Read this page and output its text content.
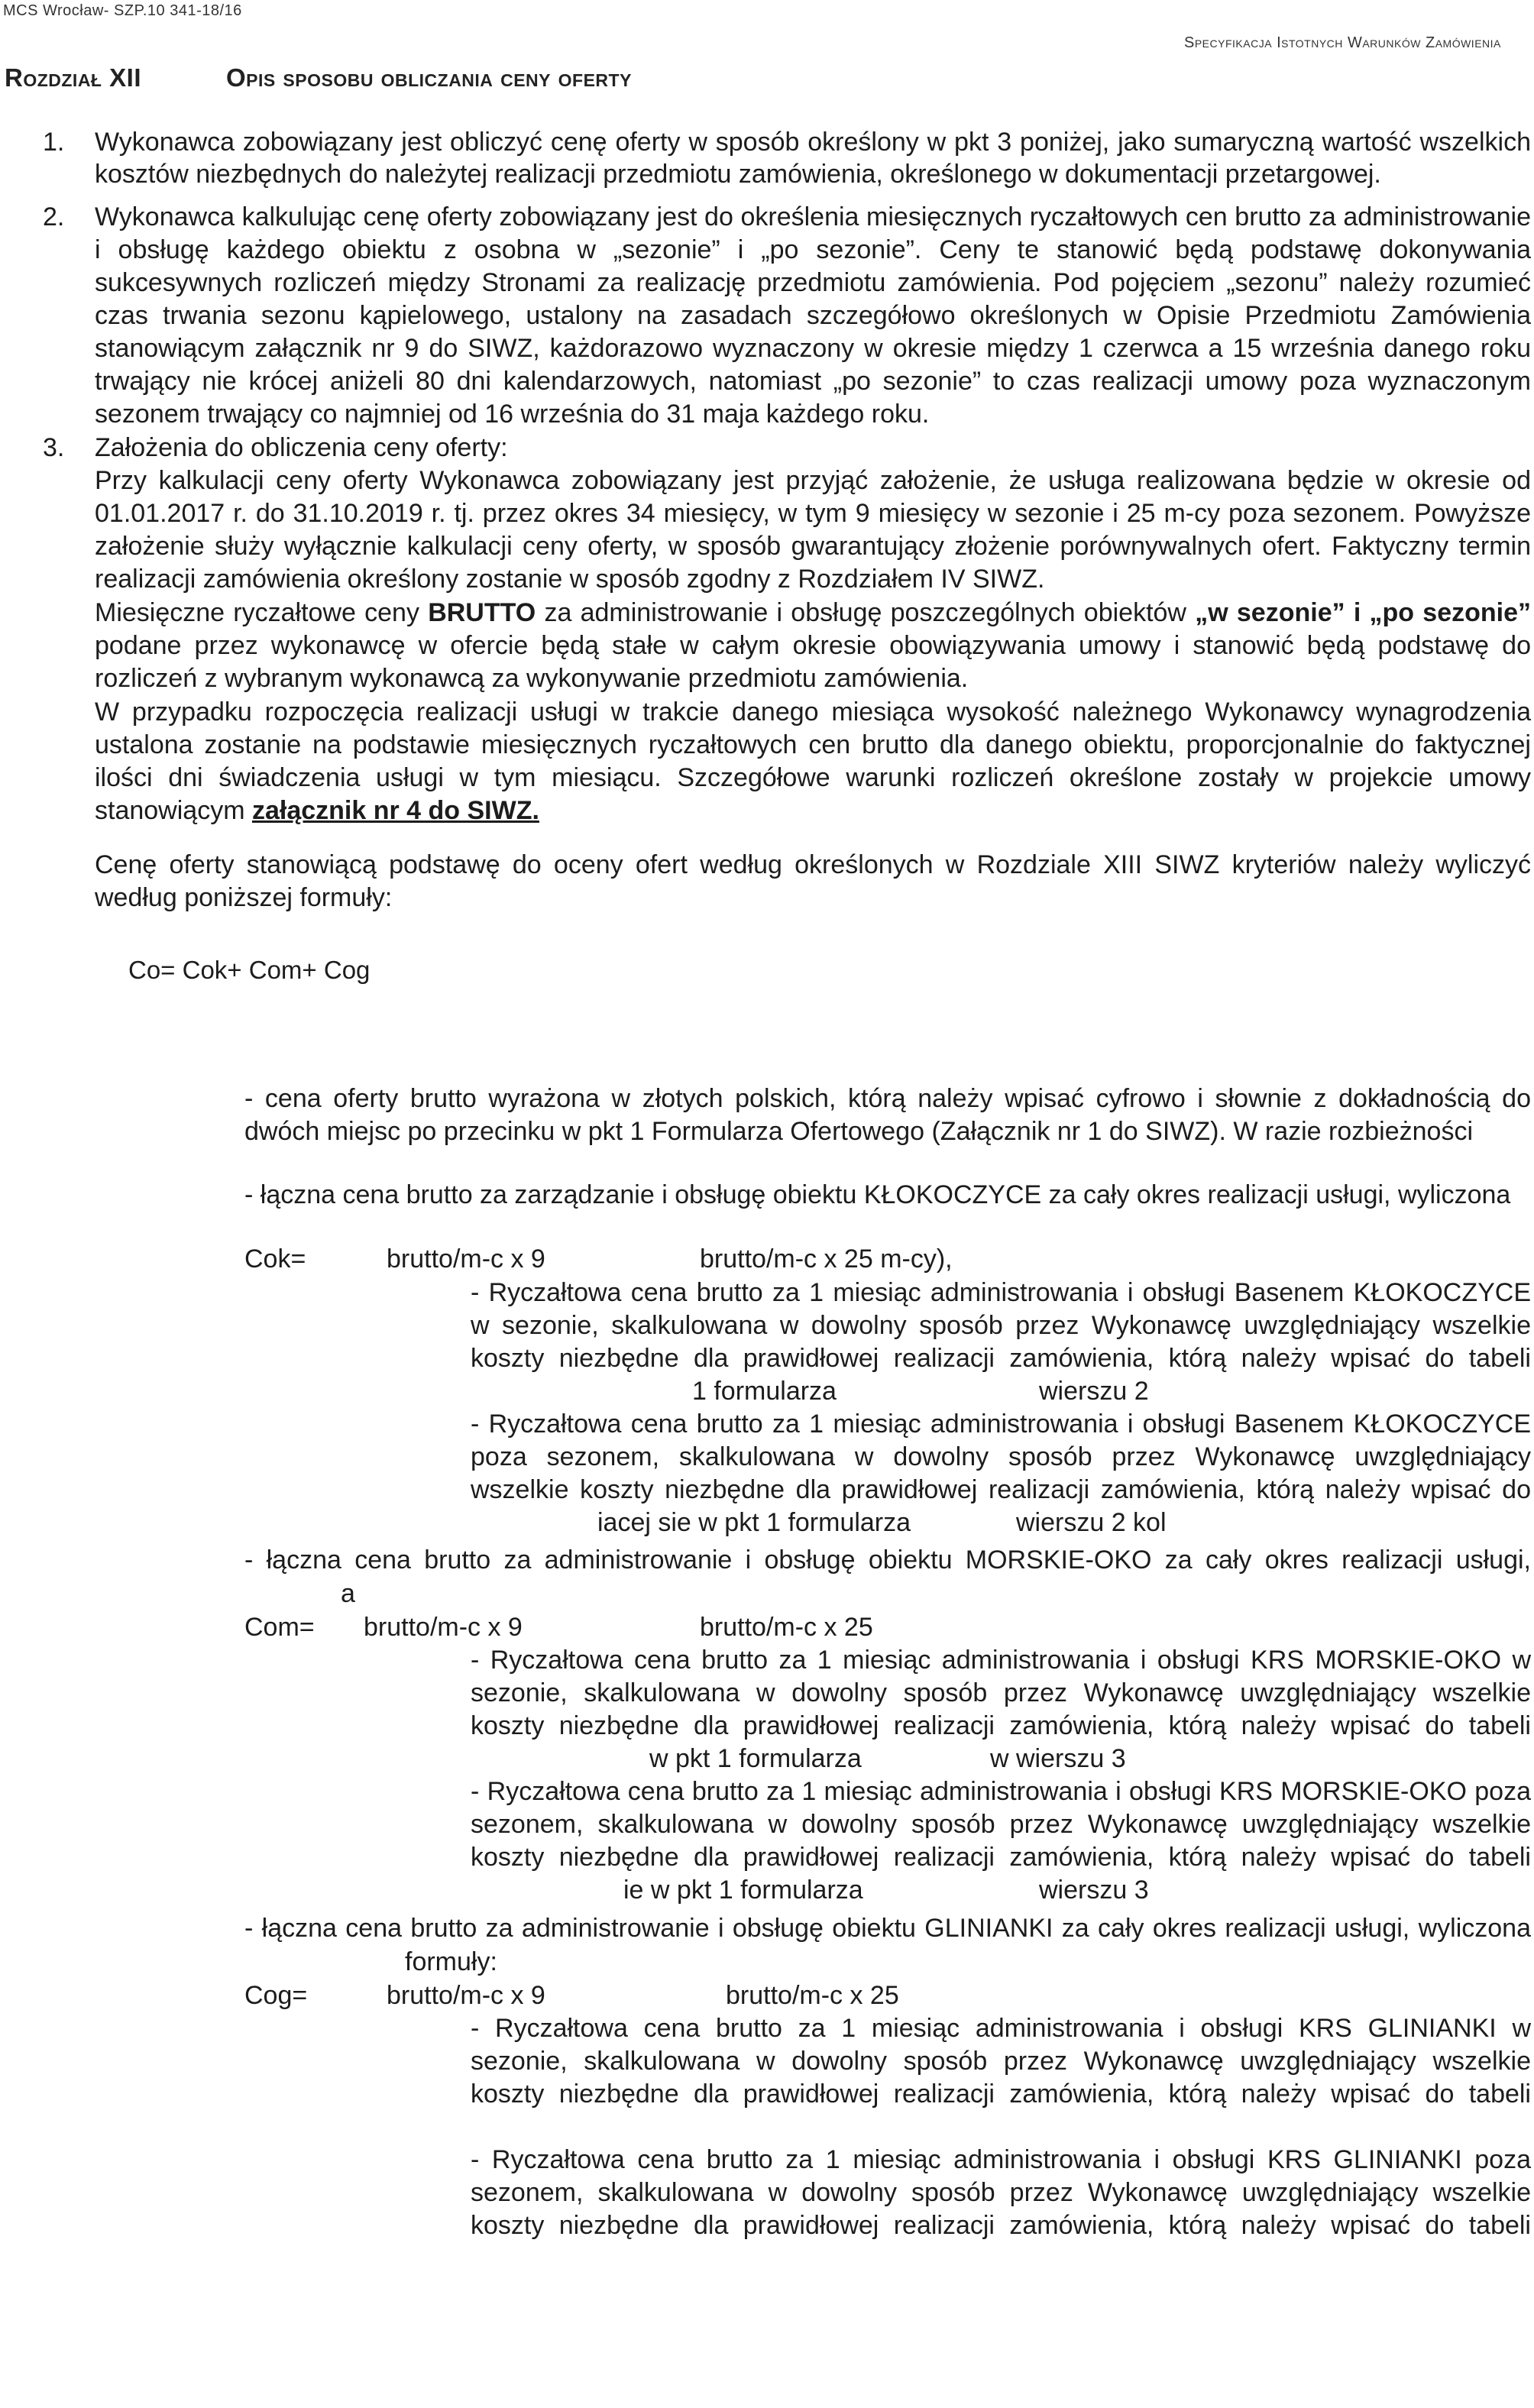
MCS Wrocław- SZP.10 341-18/16
Specyfikacja Istotnych Warunków Zamówienia
Rozdział XII	Opis sposobu obliczania ceny oferty
1. Wykonawca zobowiązany jest obliczyć cenę oferty w sposób określony w pkt 3 poniżej, jako sumaryczną wartość wszelkich
kosztów niezbędnych do należytej realizacji przedmiotu zamówienia, określonego w dokumentacji przetargowej.
2. Wykonawca kalkulując cenę oferty zobowiązany jest do określenia miesięcznych ryczałtowych cen brutto za administrowanie
i obsługę każdego obiektu z osobna w „sezonie” i „po sezonie”. Ceny te stanowić będą podstawę dokonywania
sukcesywnych rozliczeń między Stronami za realizację przedmiotu zamówienia. Pod pojęciem „sezonu” należy rozumieć
czas trwania sezonu kąpielowego, ustalony na zasadach szczegółowo określonych w Opisie Przedmiotu Zamówienia
stanowiącym załącznik nr 9 do SIWZ, każdorazowo wyznaczony w okresie między 1 czerwca a 15 września danego roku
trwający nie krócej aniżeli 80 dni kalendarzowych, natomiast „po sezonie” to czas realizacji umowy poza wyznaczonym
sezonem trwający co najmniej od 16 września do 31 maja każdego roku.
3. Założenia do obliczenia ceny oferty:
Przy kalkulacji ceny oferty Wykonawca zobowiązany jest przyjąć założenie, że usługa realizowana będzie w okresie od
01.01.2017 r. do 31.10.2019 r. tj. przez okres 34 miesięcy, w tym 9 miesięcy w sezonie i 25 m-cy poza sezonem. Powyższe
założenie służy wyłącznie kalkulacji ceny oferty, w sposób gwarantujący złożenie porównywalnych ofert. Faktyczny termin
realizacji zamówienia określony zostanie w sposób zgodny z Rozdziałem IV SIWZ.
Miesięczne ryczałtowe ceny BRUTTO za administrowanie i obsługę poszczególnych obiektów „w sezonie” i „po sezonie”
podane przez wykonawcę w ofercie będą stałe w całym okresie obowiązywania umowy i stanowić będą podstawę do
rozliczeń z wybranym wykonawcą za wykonywanie przedmiotu zamówienia.
W przypadku rozpoczęcia realizacji usługi w trakcie danego miesiąca wysokość należnego Wykonawcy wynagrodzenia
ustalona zostanie na podstawie miesięcznych ryczałtowych cen brutto dla danego obiektu, proporcjonalnie do faktycznej
ilości dni świadczenia usługi w tym miesiącu. Szczegółowe warunki rozliczeń określone zostały w projekcie umowy
stanowiącym załącznik nr 4 do SIWZ.
Cenę oferty stanowiącą podstawę do oceny ofert według określonych w Rozdziale XIII SIWZ kryteriów należy wyliczyć
według poniższej formuły:
Co= Cok+ Com+ Cog
- cena oferty brutto wyrażona w złotych polskich, którą należy wpisać cyfrowo i słownie z dokładnością do
dwóch miejsc po przecinku w pkt 1 Formularza Ofertowego (Załącznik nr 1 do SIWZ). W razie rozbieżności
- łączna cena brutto za zarządzanie i obsługę obiektu KŁOKOCZYCE za cały okres realizacji usługi, wyliczona
Cok=	brutto/m-c x 9	brutto/m-c x 25 m-cy),
- Ryczałtowa cena brutto za 1 miesiąc administrowania i obsługi Basenem KŁOKOCZYCE
w sezonie, skalkulowana w dowolny sposób przez Wykonawcę uwzględniający wszelkie
koszty niezbędne dla prawidłowej realizacji zamówienia, którą należy wpisać do tabeli
1 formularza	wierszu 2
- Ryczałtowa cena brutto za 1 miesiąc administrowania i obsługi Basenem KŁOKOCZYCE
poza sezonem, skalkulowana w dowolny sposób przez Wykonawcę uwzględniający
wszelkie koszty niezbędne dla prawidłowej realizacji zamówienia, którą należy wpisać do
iacej sie w pkt 1 formularza	wierszu 2 kol
- łączna cena brutto za administrowanie i obsługę obiektu MORSKIE-OKO za cały okres realizacji usługi,
a
Com= brutto/m-c x 9	brutto/m-c x 25
- Ryczałtowa cena brutto za 1 miesiąc administrowania i obsługi KRS MORSKIE-OKO w
sezonie, skalkulowana w dowolny sposób przez Wykonawcę uwzględniający wszelkie
koszty niezbędne dla prawidłowej realizacji zamówienia, którą należy wpisać do tabeli
w pkt 1 formularza	w wierszu 3
- Ryczałtowa cena brutto za 1 miesiąc administrowania i obsługi KRS MORSKIE-OKO poza
sezonem, skalkulowana w dowolny sposób przez Wykonawcę uwzględniający wszelkie
koszty niezbędne dla prawidłowej realizacji zamówienia, którą należy wpisać do tabeli
ie w pkt 1 formularza	wierszu 3
- łączna cena brutto za administrowanie i obsługę obiektu GLINIANKI za cały okres realizacji usługi, wyliczona
formuły:
Cog=	brutto/m-c x 9	brutto/m-c x 25
- Ryczałtowa cena brutto za 1 miesiąc administrowania i obsługi KRS GLINIANKI w
sezonie, skalkulowana w dowolny sposób przez Wykonawcę uwzględniający wszelkie
koszty niezbędne dla prawidłowej realizacji zamówienia, którą należy wpisać do tabeli
- Ryczałtowa cena brutto za 1 miesiąc administrowania i obsługi KRS GLINIANKI poza
sezonem, skalkulowana w dowolny sposób przez Wykonawcę uwzględniający wszelkie
koszty niezbędne dla prawidłowej realizacji zamówienia, którą należy wpisać do tabeli
